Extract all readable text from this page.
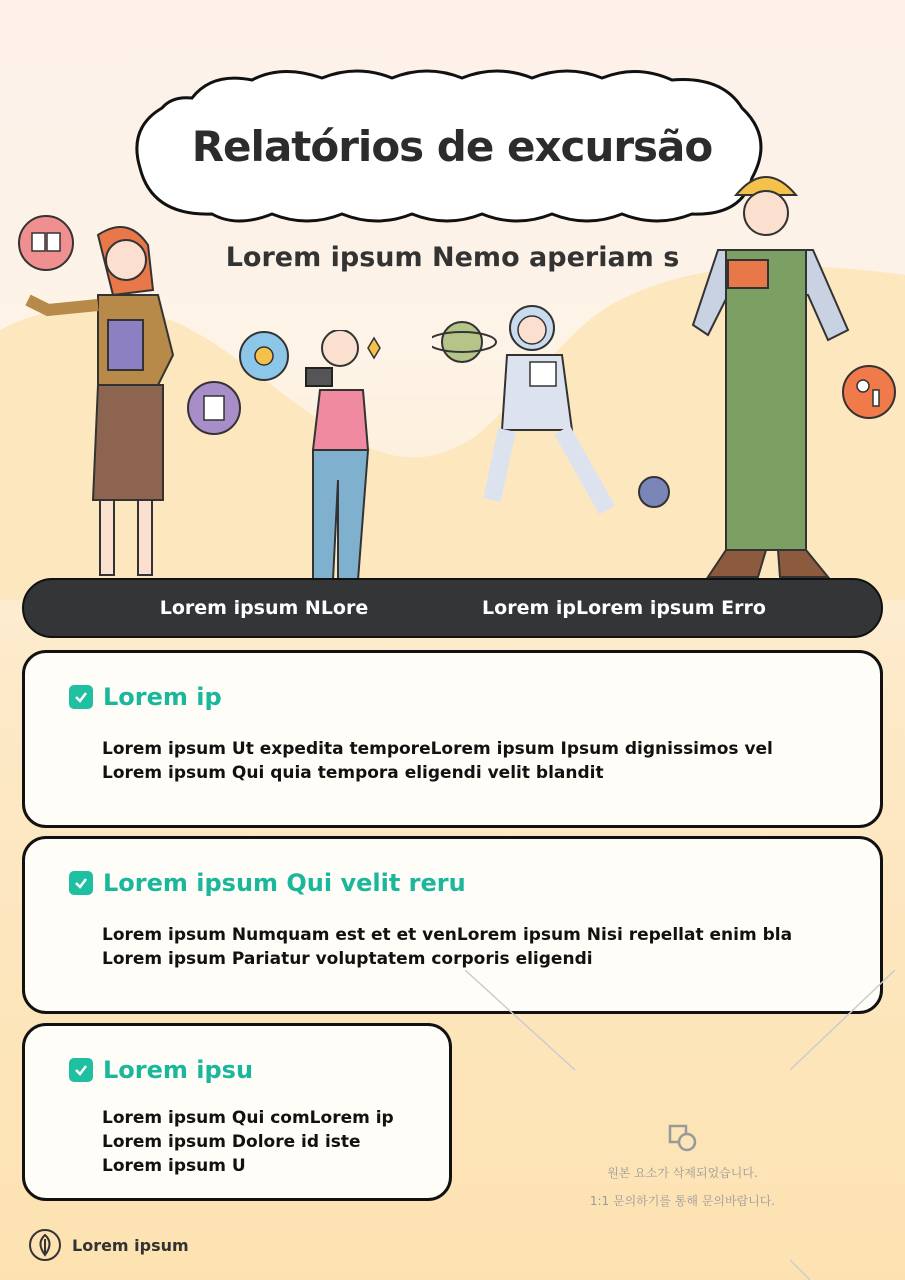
Relatórios de excursão
Lorem ipsum Nemo aperiam s
Lorem ipsum NLore	Lorem ipLorem ipsum Erro
Lorem ip
Lorem ipsum Ut expedita temporeLorem ipsum Ipsum dignissimos vel
Lorem ipsum Qui quia tempora eligendi velit blandit
Lorem ipsum Qui velit reru
Lorem ipsum Numquam est et et venLorem ipsum Nisi repellat enim bla
Lorem ipsum Pariatur voluptatem corporis eligendi
Lorem ipsu
Lorem ipsum Qui comLorem ip
Lorem ipsum Dolore id iste
Lorem ipsum U	원본 요소가 삭제되었습니다.
1:1 문의하기를 통해 문의바랍니다.
Lorem ipsum
